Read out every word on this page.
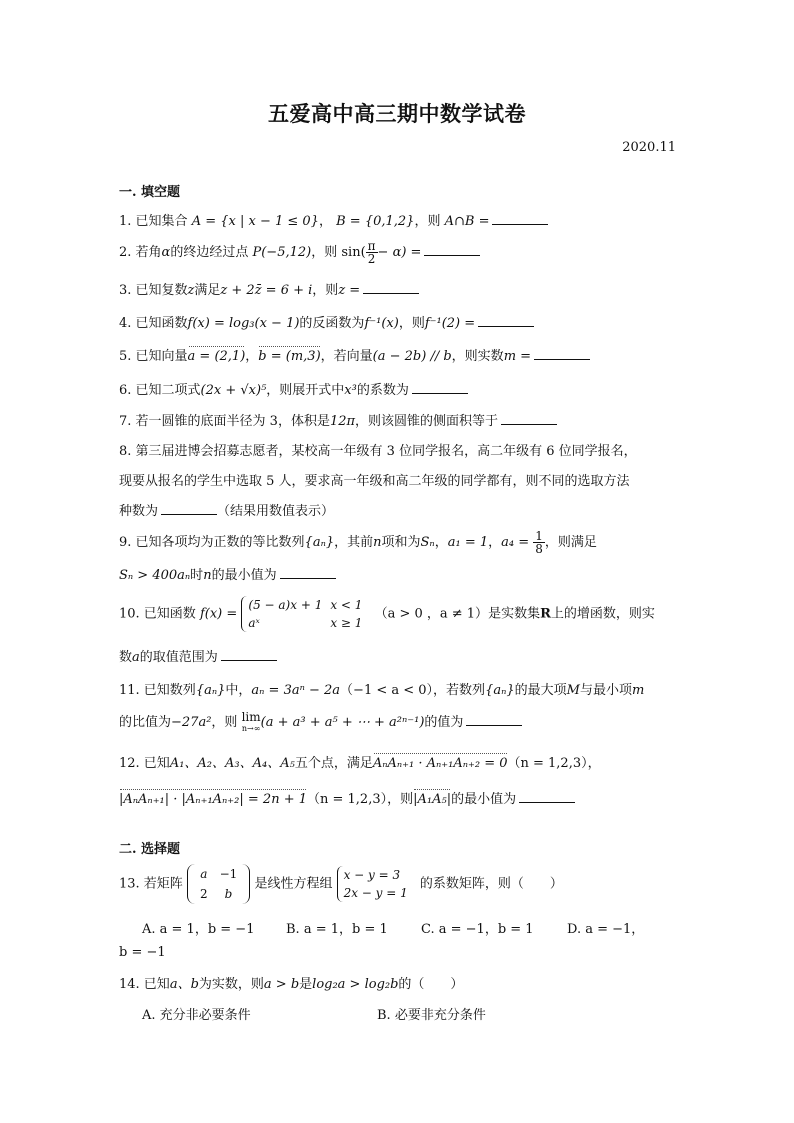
五爱高中高三期中数学试卷
2020.11
一. 填空题
1. 已知集合 A = {x | x − 1 ≤ 0}， B = {0,1,2}，则 A∩B =
2. 若角α的终边经过点 P(−5,12)，则 $\sin( \frac{\pi}{2} - \alpha)$ =
3. 已知复数z满足z + 2z̄ = 6 + i，则z =
4. 已知函数f(x) = log₃(x − 1)的反函数为f⁻¹(x)，则f⁻¹(2) =
5. 已知向量a = (2,1)，b = (m,3)，若向量(a − 2b) // b，则实数m =
6. 已知二项式(2x + √x)⁵，则展开式中x³的系数为
7. 若一圆锥的底面半径为 3，体积是12π，则该圆锥的侧面积等于
8. 第三届进博会招募志愿者，某校高一年级有 3 位同学报名，高二年级有 6 位同学报名，
现要从报名的学生中选取 5 人，要求高一年级和高二年级的同学都有，则不同的选取方法
种数为	（结果用数值表示）
9. 已知各项均为正数的等比数列{aₙ}，其前n项和为Sₙ，a₁ = 1，$a_4 = \frac{1}{8}$ ，则满足
Sₙ > 400aₙ时n的最小值为
10. 已知函数 f(x) =
(5 − a)x + 1	x < 1
aˣ	x ≥ 1
（a > 0 ，a ≠ 1）是实数集R上的增函数，则实
数a的取值范围为
11. 已知数列{aₙ}中，aₙ = 3aⁿ − 2a（−1 < a < 0），若数列{aₙ}的最大项M与最小项m
的比值为−27a²，则 lim
n→∞ (a + a³ + a⁵ + ⋯ + a²ⁿ⁻¹)的值为
12. 已知A₁、A₂、A₃、A₄、A₅五个点，满足AₙAₙ₊₁ · Aₙ₊₁Aₙ₊₂ = 0（n = 1,2,3），
|AₙAₙ₊₁| · |Aₙ₊₁Aₙ₊₂| = 2n + 1（n = 1,2,3），则|A₁A₅|的最小值为
二. 选择题
13. 若矩阵
a	−1
2	b
是线性方程组
x − y = 3
2x − y = 1
的系数矩阵，则（　　）
A. a = 1，b = −1 B. a = 1，b = 1	C. a = −1，b = 1	D. a = −1，
b = −1
14. 已知a、b为实数，则a > b是log₂a > log₂b的（　　）
A. 充分非必要条件	B. 必要非充分条件
